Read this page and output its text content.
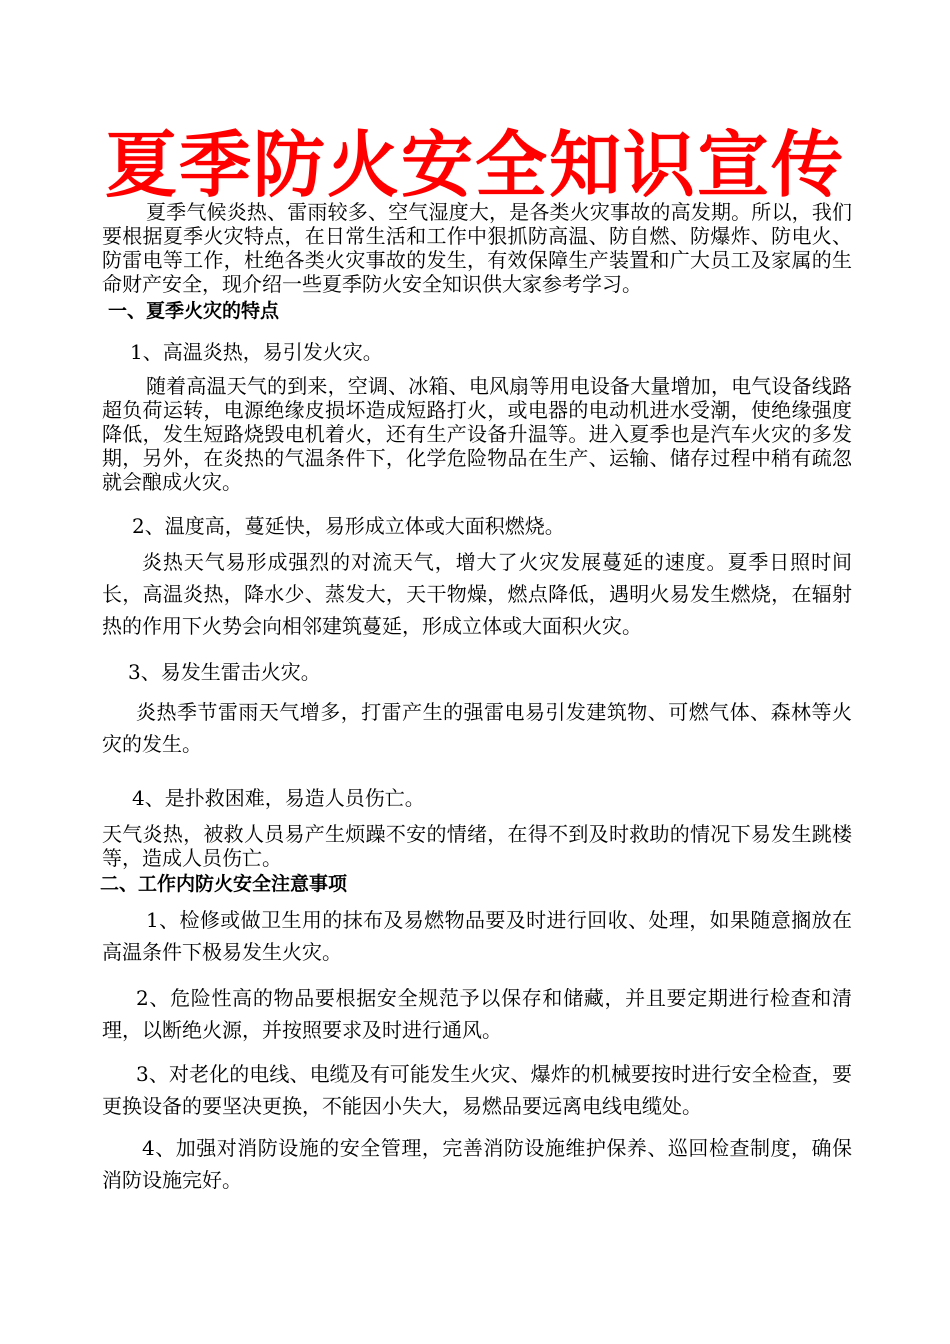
夏季防火安全知识宣传

夏季气候炎热、雷雨较多、空气湿度大，是各类火灾事故的高发期。所以，我们要根据夏季火灾特点，在日常生活和工作中狠抓防高温、防自燃、防爆炸、防电火、防雷电等工作，杜绝各类火灾事故的发生，有效保障生产装置和广大员工及家属的生命财产安全，现介绍一些夏季防火安全知识供大家参考学习。

一、夏季火灾的特点

1、高温炎热，易引发火灾。

随着高温天气的到来，空调、冰箱、电风扇等用电设备大量增加，电气设备线路超负荷运转，电源绝缘皮损坏造成短路打火，或电器的电动机进水受潮，使绝缘强度降低，发生短路烧毁电机着火，还有生产设备升温等。进入夏季也是汽车火灾的多发期，另外，在炎热的气温条件下，化学危险物品在生产、运输、储存过程中稍有疏忽就会酿成火灾。

2、温度高，蔓延快，易形成立体或大面积燃烧。

炎热天气易形成强烈的对流天气，增大了火灾发展蔓延的速度。夏季日照时间长，高温炎热，降水少、蒸发大，天干物燥，燃点降低，遇明火易发生燃烧，在辐射热的作用下火势会向相邻建筑蔓延，形成立体或大面积火灾。

3、易发生雷击火灾。

炎热季节雷雨天气增多，打雷产生的强雷电易引发建筑物、可燃气体、森林等火灾的发生。

4、是扑救困难，易造人员伤亡。

天气炎热，被救人员易产生烦躁不安的情绪，在得不到及时救助的情况下易发生跳楼等，造成人员伤亡。

二、工作内防火安全注意事项

1、检修或做卫生用的抹布及易燃物品要及时进行回收、处理，如果随意搁放在高温条件下极易发生火灾。

2、危险性高的物品要根据安全规范予以保存和储藏，并且要定期进行检查和清理，以断绝火源，并按照要求及时进行通风。

3、对老化的电线、电缆及有可能发生火灾、爆炸的机械要按时进行安全检查，要更换设备的要坚决更换，不能因小失大，易燃品要远离电线电缆处。

4、加强对消防设施的安全管理，完善消防设施维护保养、巡回检查制度，确保消防设施完好。
